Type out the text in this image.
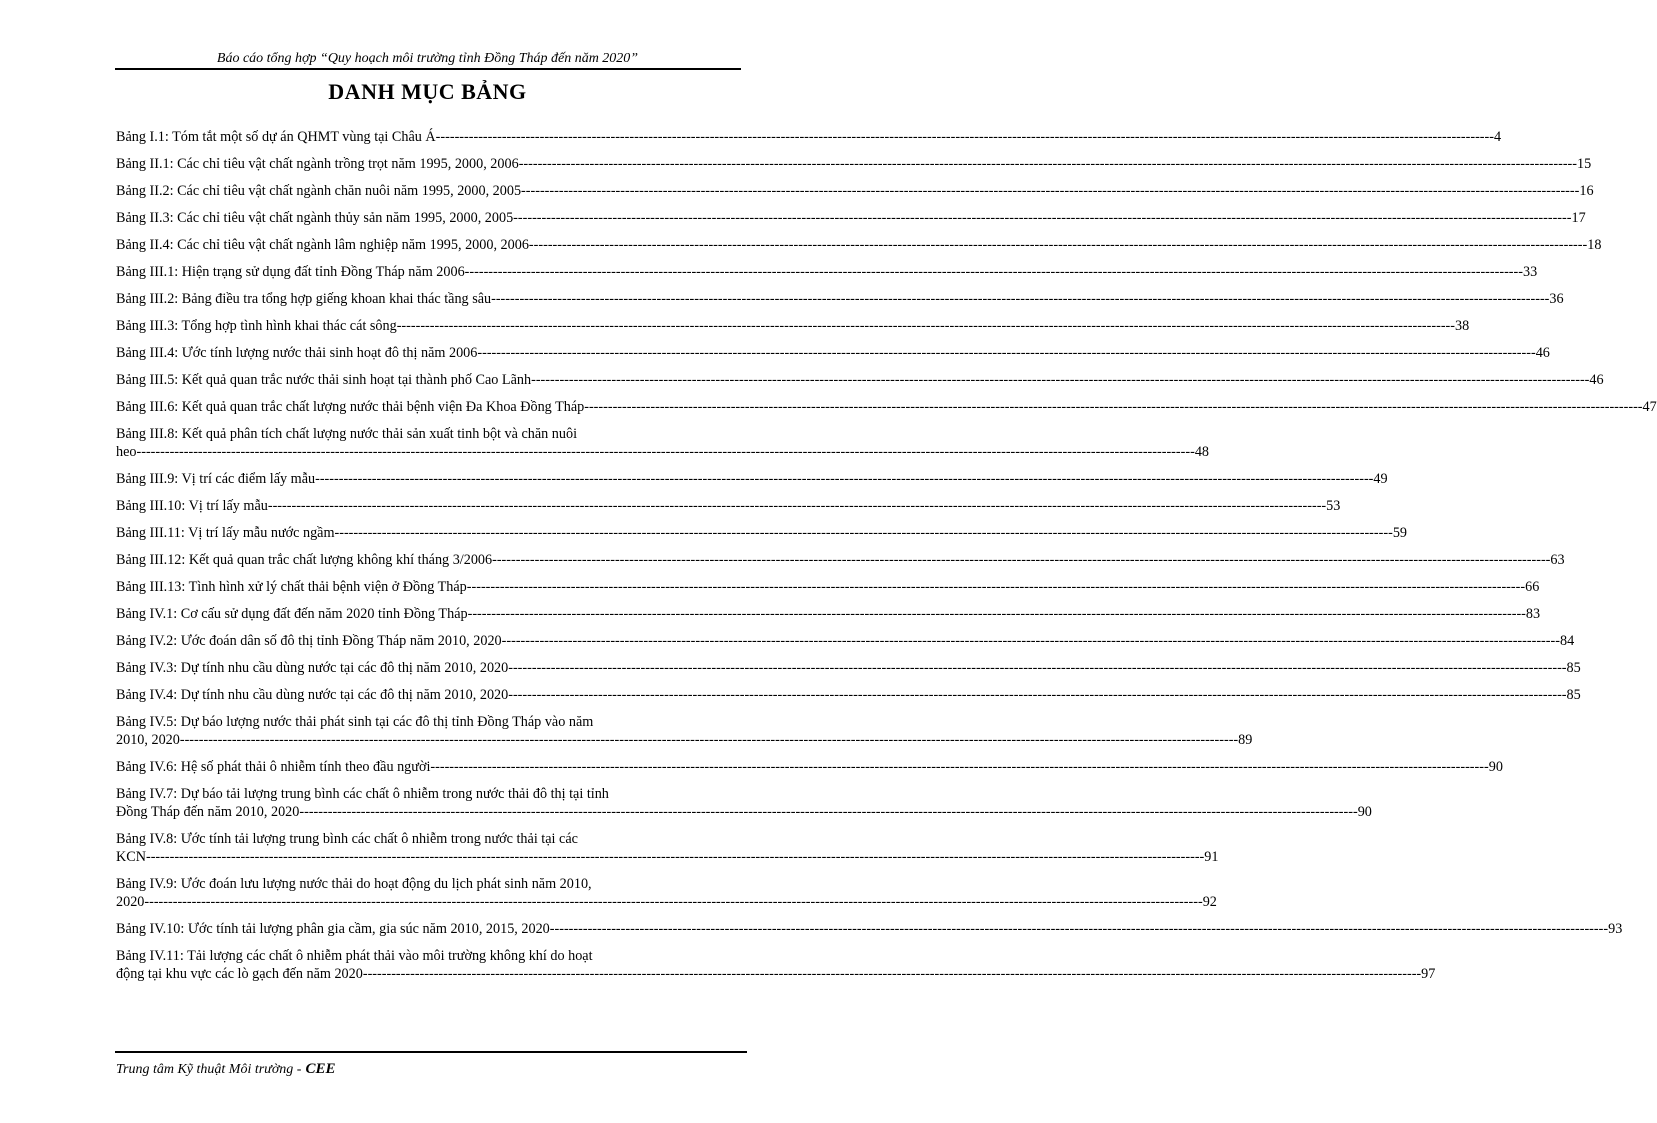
Báo cáo tổng hợp “Quy hoạch môi trường tỉnh Đồng Tháp đến năm 2020”
DANH MỤC BẢNG
Bảng I.1: Tóm tắt một số dự án QHMT vùng tại Châu Á -----	4
Bảng II.1: Các chỉ tiêu vật chất ngành trồng trọt năm 1995, 2000, 2006 -----	15
Bảng II.2: Các chỉ tiêu vật chất ngành chăn nuôi năm 1995, 2000, 2005 -----	16
Bảng II.3: Các chỉ tiêu vật chất ngành thủy sản năm 1995, 2000, 2005 -----	17
Bảng II.4: Các chỉ tiêu vật chất ngành lâm nghiệp năm 1995, 2000, 2006 -----	18
Bảng III.1: Hiện trạng sử dụng đất tỉnh Đồng Tháp năm 2006 -----	33
Bảng III.2: Bảng điều tra tổng hợp giếng khoan khai thác tầng sâu -----	36
Bảng III.3: Tổng hợp tình hình khai thác cát sông -----	38
Bảng III.4: Ước tính lượng nước thải sinh hoạt đô thị năm 2006 -----	46
Bảng III.5: Kết quả quan trắc nước thải sinh hoạt tại thành phố Cao Lãnh -----	46
Bảng III.6: Kết quả quan trắc chất lượng nước thải bệnh viện Đa Khoa Đồng Tháp -----	47
Bảng III.8: Kết quả phân tích chất lượng nước thải sản xuất tinh bột và chăn nuôi
heo -----	48
Bảng III.9: Vị trí các điểm lấy mẫu -----	49
Bảng III.10: Vị trí lấy mẫu -----	53
Bảng III.11: Vị trí lấy mẫu nước ngầm -----	59
Bảng III.12: Kết quả quan trắc chất lượng không khí tháng 3/2006 -----	63
Bảng III.13: Tình hình xử lý chất thải bệnh viện ở Đồng Tháp -----	66
Bảng IV.1: Cơ cấu sử dụng đất đến năm 2020 tỉnh Đồng Tháp -----	83
Bảng IV.2: Ước đoán dân số đô thị tỉnh Đồng Tháp năm 2010, 2020 -----	84
Bảng IV.3: Dự tính nhu cầu dùng nước tại các đô thị năm 2010, 2020 -----	85
Bảng IV.4: Dự tính nhu cầu dùng nước tại các đô thị năm 2010, 2020 -----	85
Bảng IV.5: Dự báo lượng nước thải phát sinh tại các đô thị tỉnh Đồng Tháp vào năm
2010, 2020 -----	89
Bảng IV.6: Hệ số phát thải ô nhiễm tính theo đầu người -----	90
Bảng IV.7: Dự báo tải lượng trung bình các chất ô nhiễm trong nước thải đô thị tại tỉnh
Đồng Tháp đến năm 2010, 2020 -----	90
Bảng IV.8: Ước tính tải lượng trung bình các chất ô nhiễm trong nước thải tại các
KCN -----	91
Bảng IV.9: Ước đoán lưu lượng nước thải do hoạt động du lịch phát sinh năm 2010,
2020 -----	92
Bảng IV.10: Ước tính tải lượng phân gia cầm, gia súc năm 2010, 2015, 2020 -----	93
Bảng IV.11: Tải lượng các chất ô nhiễm phát thải vào môi trường không khí do hoạt
động tại khu vực các lò gạch đến năm 2020 -----	97
Trung tâm Kỹ thuật Môi trường - CEE
